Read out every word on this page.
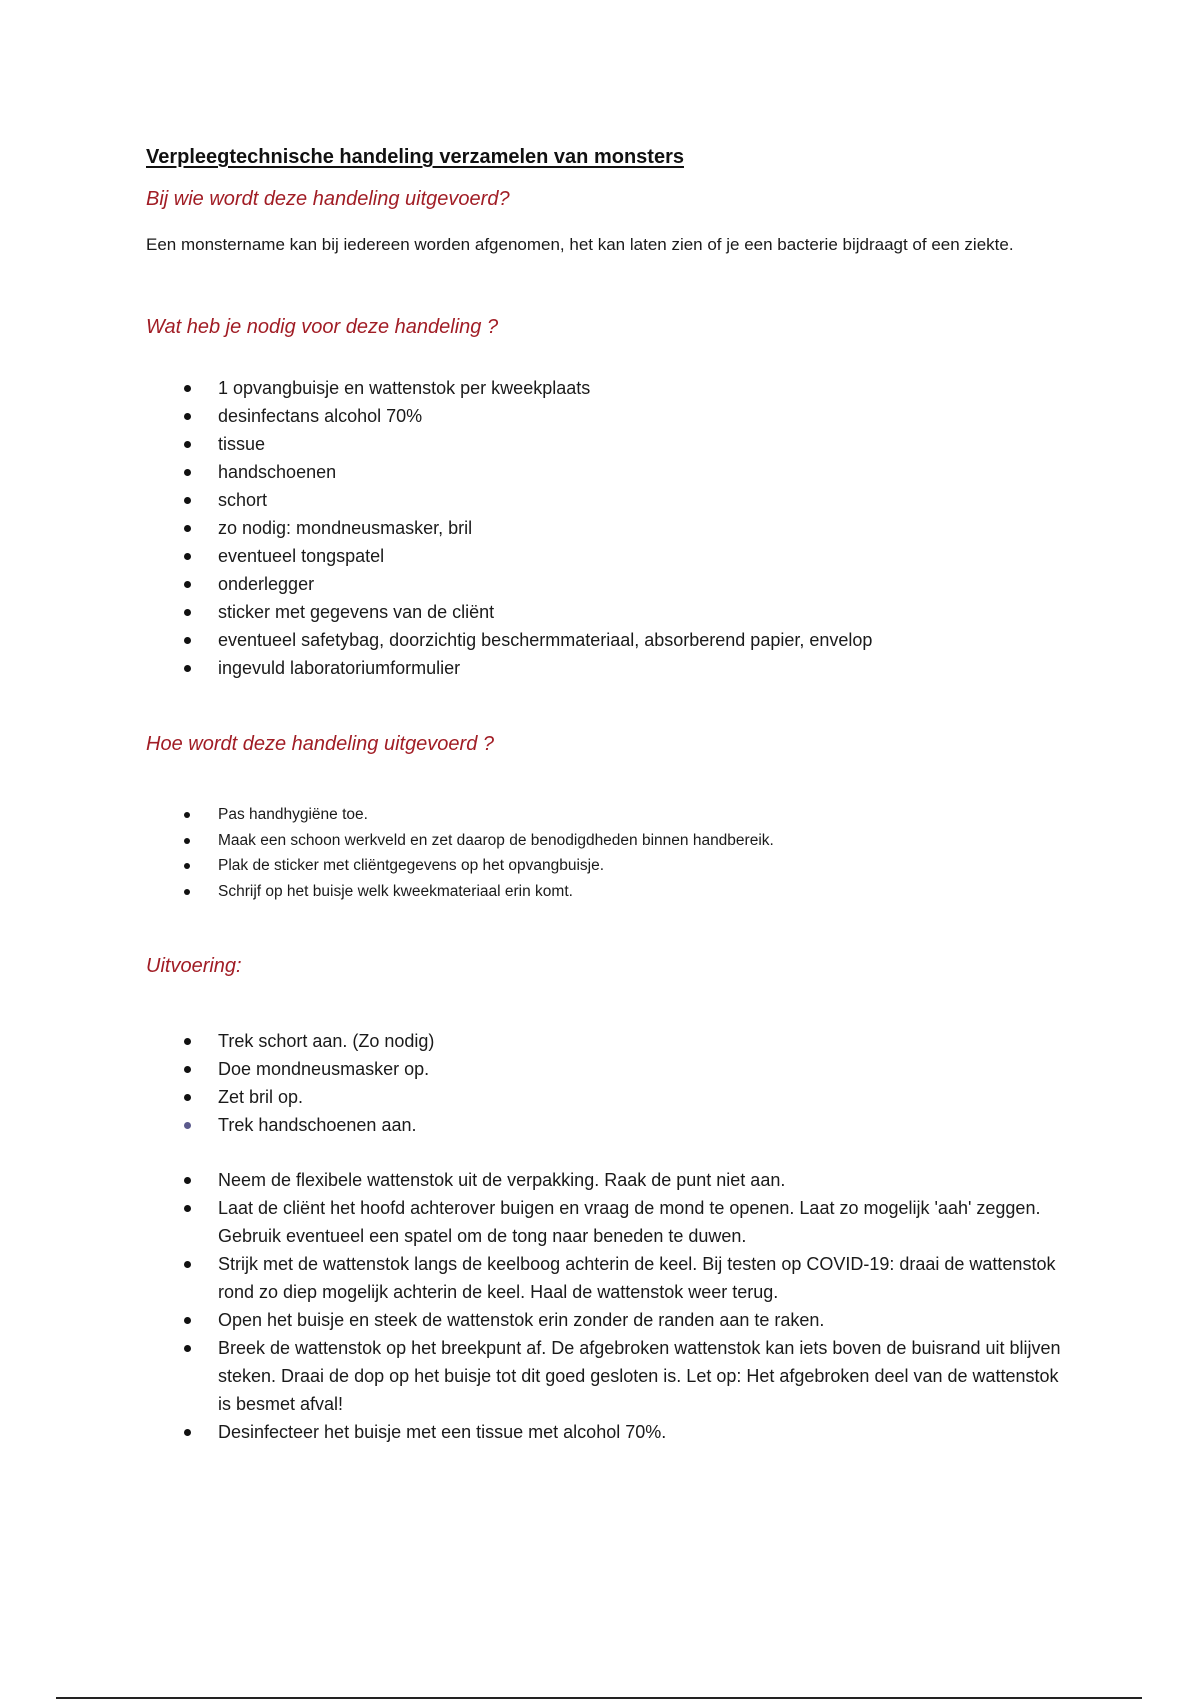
Verpleegtechnische handeling verzamelen van monsters
Bij wie wordt deze handeling uitgevoerd?
Een monstername kan bij iedereen worden afgenomen, het kan laten zien of je een bacterie bijdraagt of een ziekte.
Wat heb je nodig voor deze handeling ?
1 opvangbuisje en wattenstok per kweekplaats
desinfectans alcohol 70%
tissue
handschoenen
schort
zo nodig: mondneusmasker, bril
eventueel tongspatel
onderlegger
sticker met gegevens van de cliënt
eventueel safetybag, doorzichtig beschermmateriaal, absorberend papier, envelop
ingevuld laboratoriumformulier
Hoe wordt deze handeling uitgevoerd ?
Pas handhygiëne toe.
Maak een schoon werkveld en zet daarop de benodigdheden binnen handbereik.
Plak de sticker met cliëntgegevens op het opvangbuisje.
Schrijf op het buisje welk kweekmateriaal erin komt.
Uitvoering:
Trek schort aan. (Zo nodig)
Doe mondneusmasker op.
Zet bril op.
Trek handschoenen aan.
Neem de flexibele wattenstok uit de verpakking. Raak de punt niet aan.
Laat de cliënt het hoofd achterover buigen en vraag de mond te openen. Laat zo mogelijk 'aah' zeggen. Gebruik eventueel een spatel om de tong naar beneden te duwen.
Strijk met de wattenstok langs de keelboog achterin de keel. Bij testen op COVID-19: draai de wattenstok rond zo diep mogelijk achterin de keel. Haal de wattenstok weer terug.
Open het buisje en steek de wattenstok erin zonder de randen aan te raken.
Breek de wattenstok op het breekpunt af. De afgebroken wattenstok kan iets boven de buisrand uit blijven steken. Draai de dop op het buisje tot dit goed gesloten is. Let op: Het afgebroken deel van de wattenstok is besmet afval!
Desinfecteer het buisje met een tissue met alcohol 70%.
